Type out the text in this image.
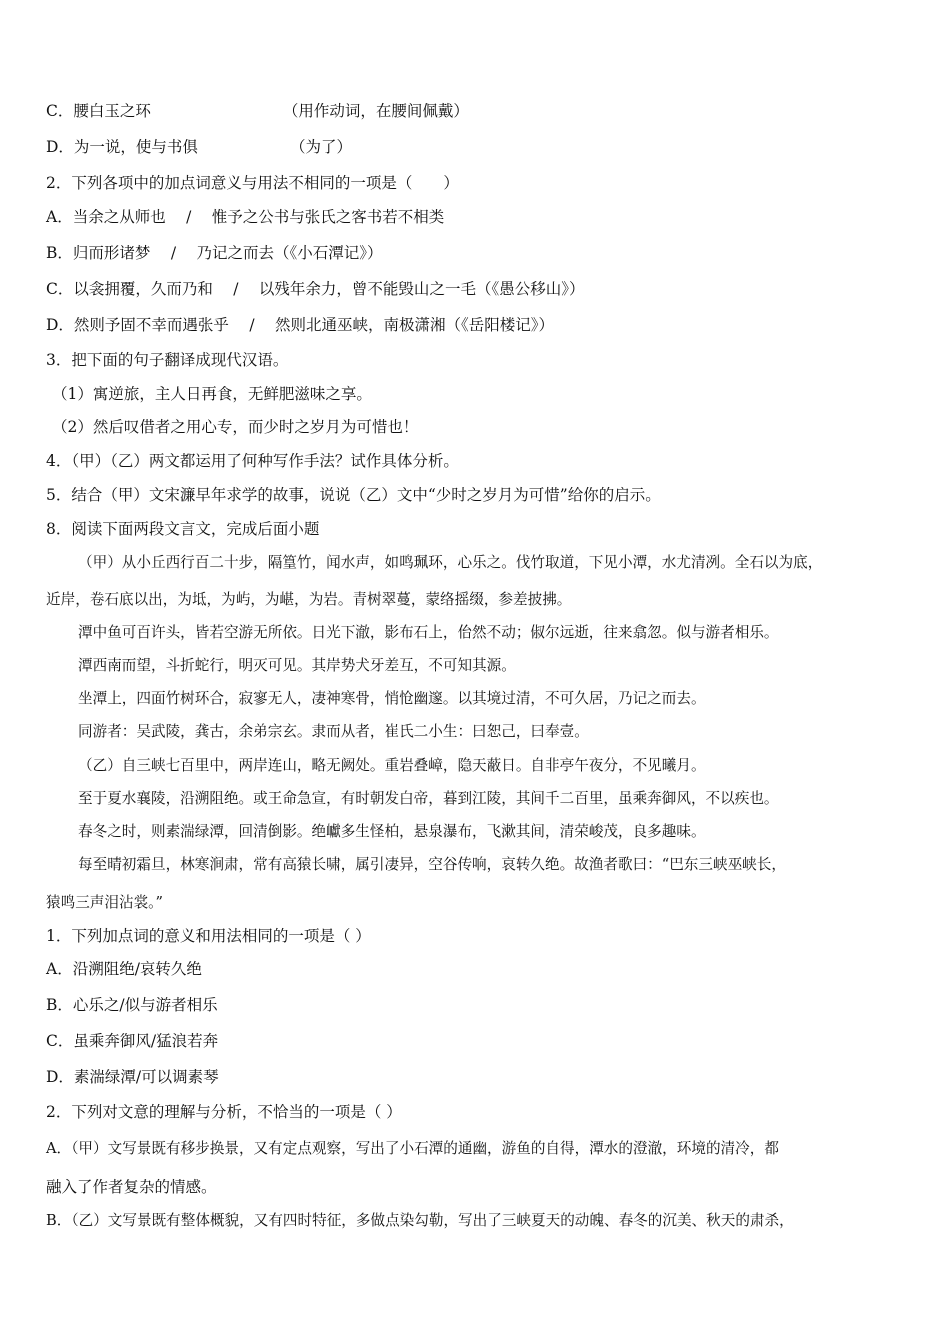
C．腰白玉之环	（用作动词，在腰间佩戴）
D．为一说，使与书俱	（为了）
2．下列各项中的加点词意义与用法不相同的一项是（　　）
A．当余之从师也　 /　 惟予之公书与张氏之客书若不相类
B．归而形诸梦　 /　 乃记之而去（《小石潭记》）
C．以衾拥覆，久而乃和　 /　 以残年余力，曾不能毁山之一毛（《愚公移山》）
D．然则予固不幸而遇张乎　 /　 然则北通巫峡，南极潇湘（《岳阳楼记》）
3．把下面的句子翻译成现代汉语。
（1）寓逆旅，主人日再食，无鲜肥滋味之享。
（2）然后叹借者之用心专，而少时之岁月为可惜也！
4．（甲）（乙）两文都运用了何种写作手法？试作具体分析。
5．结合（甲）文宋濂早年求学的故事，说说（乙）文中“少时之岁月为可惜”给你的启示。
8．阅读下面两段文言文，完成后面小题
（甲）从小丘西行百二十步，隔篁竹，闻水声，如鸣珮环，心乐之。伐竹取道，下见小潭，水尤清冽。全石以为底，
近岸，卷石底以出，为坻，为屿，为嵁，为岩。青树翠蔓，蒙络摇缀，参差披拂。
潭中鱼可百许头，皆若空游无所依。日光下澈，影布石上，佁然不动；俶尔远逝，往来翕忽。似与游者相乐。
潭西南而望，斗折蛇行，明灭可见。其岸势犬牙差互，不可知其源。
坐潭上，四面竹树环合，寂寥无人，凄神寒骨，悄怆幽邃。以其境过清，不可久居，乃记之而去。
同游者：吴武陵，龚古，余弟宗玄。隶而从者，崔氏二小生：曰恕己，曰奉壹。
（乙）自三峡七百里中，两岸连山，略无阙处。重岩叠嶂，隐天蔽日。自非亭午夜分，不见曦月。
至于夏水襄陵，沿溯阻绝。或王命急宣，有时朝发白帝，暮到江陵，其间千二百里，虽乘奔御风，不以疾也。
春冬之时，则素湍绿潭，回清倒影。绝巘多生怪柏，悬泉瀑布，飞漱其间，清荣峻茂，良多趣味。
每至晴初霜旦，林寒涧肃，常有高猿长啸，属引凄异，空谷传响，哀转久绝。故渔者歌曰：“巴东三峡巫峡长，
猿鸣三声泪沾裳。”
1．下列加点词的意义和用法相同的一项是（ ）
A．沿溯阻绝/哀转久绝
B．心乐之/似与游者相乐
C．虽乘奔御风/猛浪若奔
D．素湍绿潭/可以调素琴
2．下列对文意的理解与分析，不恰当的一项是（ ）
A．（甲）文写景既有移步换景，又有定点观察，写出了小石潭的通幽，游鱼的自得，潭水的澄澈，环境的清冷，都
融入了作者复杂的情感。
B．（乙）文写景既有整体概貌，又有四时特征，多做点染勾勒，写出了三峡夏天的动魄、春冬的沉美、秋天的肃杀，
